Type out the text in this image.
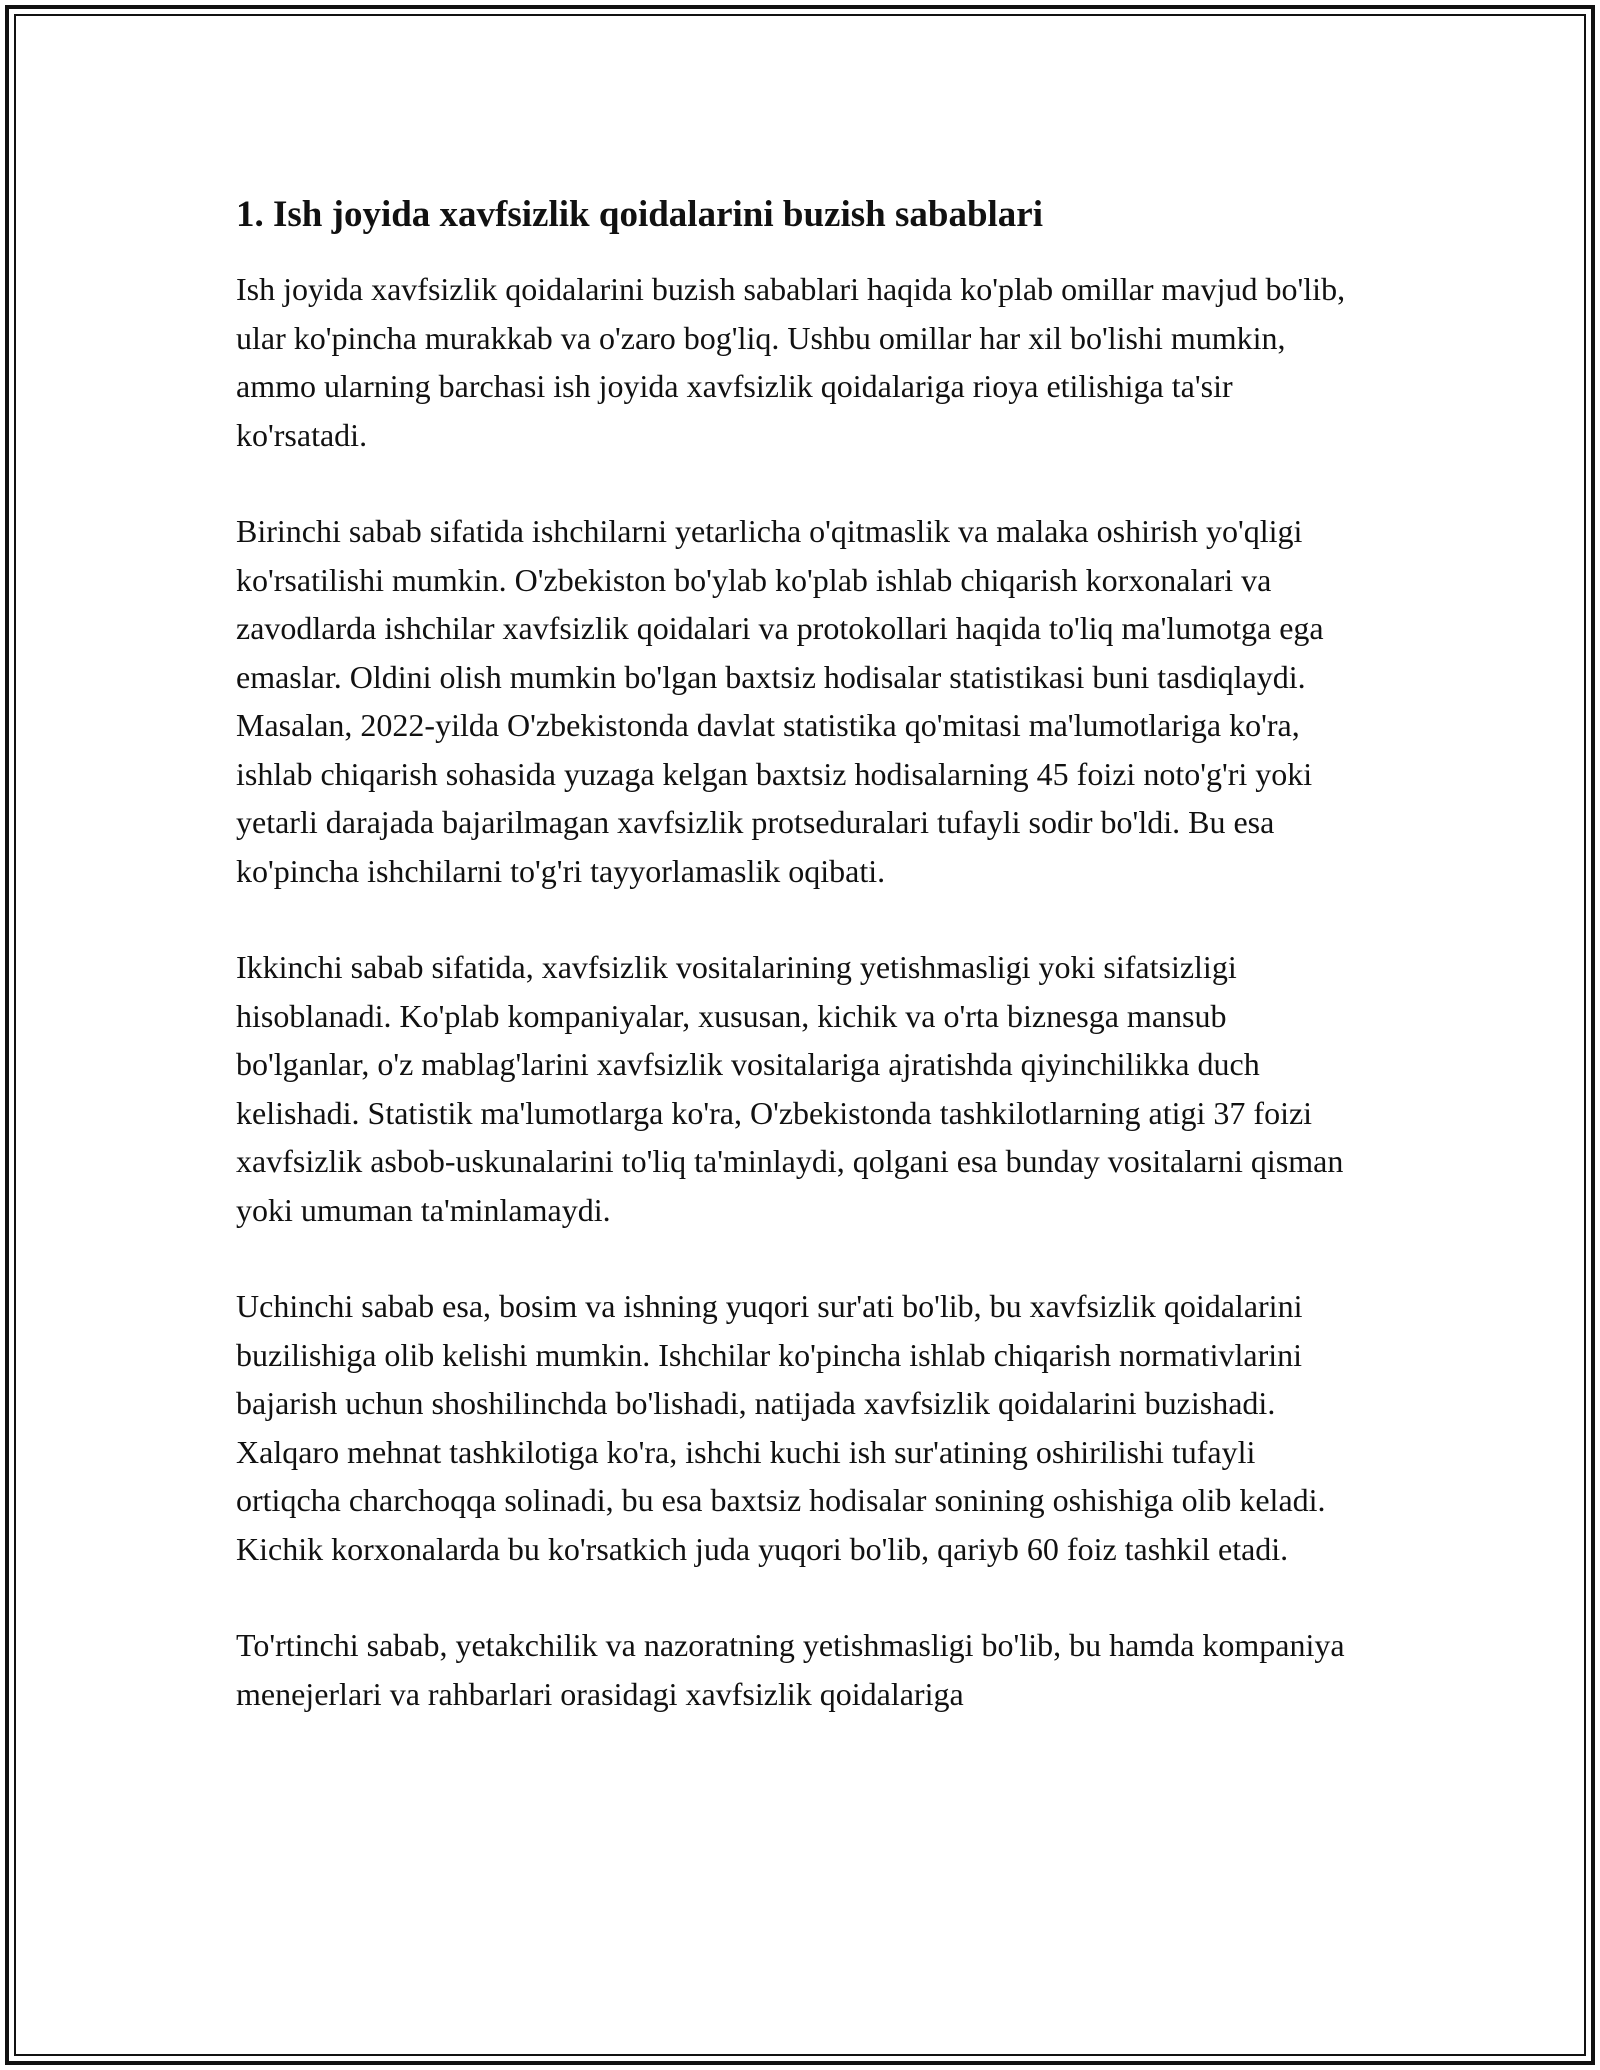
1. Ish joyida xavfsizlik qoidalarini buzish sabablari

Ish joyida xavfsizlik qoidalarini buzish sabablari haqida ko'plab omillar mavjud bo'lib, ular ko'pincha murakkab va o'zaro bog'liq. Ushbu omillar har xil bo'lishi mumkin, ammo ularning barchasi ish joyida xavfsizlik qoidalariga rioya etilishiga ta'sir ko'rsatadi.

Birinchi sabab sifatida ishchilarni yetarlicha o'qitmaslik va malaka oshirish yo'qligi ko'rsatilishi mumkin. O'zbekiston bo'ylab ko'plab ishlab chiqarish korxonalari va zavodlarda ishchilar xavfsizlik qoidalari va protokollari haqida to'liq ma'lumotga ega emaslar. Oldini olish mumkin bo'lgan baxtsiz hodisalar statistikasi buni tasdiqlaydi. Masalan, 2022-yilda O'zbekistonda davlat statistika qo'mitasi ma'lumotlariga ko'ra, ishlab chiqarish sohasida yuzaga kelgan baxtsiz hodisalarning 45 foizi noto'g'ri yoki yetarli darajada bajarilmagan xavfsizlik protseduralari tufayli sodir bo'ldi. Bu esa ko'pincha ishchilarni to'g'ri tayyorlamaslik oqibati.

Ikkinchi sabab sifatida, xavfsizlik vositalarining yetishmasligi yoki sifatsizligi hisoblanadi. Ko'plab kompaniyalar, xususan, kichik va o'rta biznesga mansub bo'lganlar, o'z mablag'larini xavfsizlik vositalariga ajratishda qiyinchilikka duch kelishadi. Statistik ma'lumotlarga ko'ra, O'zbekistonda tashkilotlarning atigi 37 foizi xavfsizlik asbob-uskunalarini to'liq ta'minlaydi, qolgani esa bunday vositalarni qisman yoki umuman ta'minlamaydi.

Uchinchi sabab esa, bosim va ishning yuqori sur'ati bo'lib, bu xavfsizlik qoidalarini buzilishiga olib kelishi mumkin. Ishchilar ko'pincha ishlab chiqarish normativlarini bajarish uchun shoshilinchda bo'lishadi, natijada xavfsizlik qoidalarini buzishadi. Xalqaro mehnat tashkilotiga ko'ra, ishchi kuchi ish sur'atining oshirilishi tufayli ortiqcha charchoqqa solinadi, bu esa baxtsiz hodisalar sonining oshishiga olib keladi. Kichik korxonalarda bu ko'rsatkich juda yuqori bo'lib, qariyb 60 foiz tashkil etadi.

To'rtinchi sabab, yetakchilik va nazoratning yetishmasligi bo'lib, bu hamda kompaniya menejerlari va rahbarlari orasidagi xavfsizlik qoidalariga
